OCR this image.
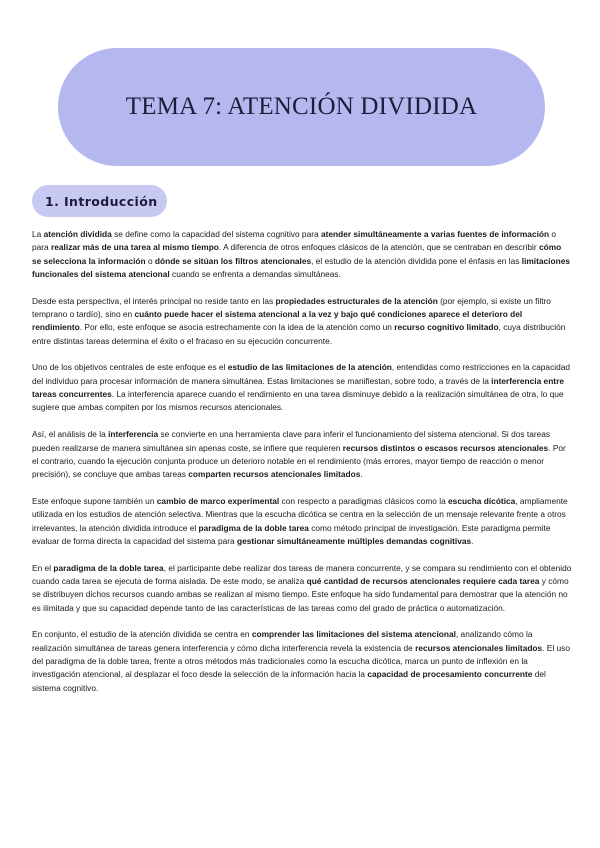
TEMA 7: ATENCIÓN DIVIDIDA
1. Introducción

La atención dividida se define como la capacidad del sistema cognitivo para atender simultáneamente a varias fuentes de información o para realizar más de una tarea al mismo tiempo. A diferencia de otros enfoques clásicos de la atención, que se centraban en describir cómo se selecciona la información o dónde se sitúan los filtros atencionales, el estudio de la atención dividida pone el énfasis en las limitaciones funcionales del sistema atencional cuando se enfrenta a demandas simultáneas.

Desde esta perspectiva, el interés principal no reside tanto en las propiedades estructurales de la atención (por ejemplo, si existe un filtro temprano o tardío), sino en cuánto puede hacer el sistema atencional a la vez y bajo qué condiciones aparece el deterioro del rendimiento. Por ello, este enfoque se asocia estrechamente con la idea de la atención como un recurso cognitivo limitado, cuya distribución entre distintas tareas determina el éxito o el fracaso en su ejecución concurrente.

Uno de los objetivos centrales de este enfoque es el estudio de las limitaciones de la atención, entendidas como restricciones en la capacidad del individuo para procesar información de manera simultánea. Estas limitaciones se manifiestan, sobre todo, a través de la interferencia entre tareas concurrentes. La interferencia aparece cuando el rendimiento en una tarea disminuye debido a la realización simultánea de otra, lo que sugiere que ambas compiten por los mismos recursos atencionales.

Así, el análisis de la interferencia se convierte en una herramienta clave para inferir el funcionamiento del sistema atencional. Si dos tareas pueden realizarse de manera simultánea sin apenas coste, se infiere que requieren recursos distintos o escasos recursos atencionales. Por el contrario, cuando la ejecución conjunta produce un deterioro notable en el rendimiento (más errores, mayor tiempo de reacción o menor precisión), se concluye que ambas tareas comparten recursos atencionales limitados.

Este enfoque supone también un cambio de marco experimental con respecto a paradigmas clásicos como la escucha dicótica, ampliamente utilizada en los estudios de atención selectiva. Mientras que la escucha dicótica se centra en la selección de un mensaje relevante frente a otros irrelevantes, la atención dividida introduce el paradigma de la doble tarea como método principal de investigación. Este paradigma permite evaluar de forma directa la capacidad del sistema para gestionar simultáneamente múltiples demandas cognitivas.

En el paradigma de la doble tarea, el participante debe realizar dos tareas de manera concurrente, y se compara su rendimiento con el obtenido cuando cada tarea se ejecuta de forma aislada. De este modo, se analiza qué cantidad de recursos atencionales requiere cada tarea y cómo se distribuyen dichos recursos cuando ambas se realizan al mismo tiempo. Este enfoque ha sido fundamental para demostrar que la atención no es ilimitada y que su capacidad depende tanto de las características de las tareas como del grado de práctica o automatización.

En conjunto, el estudio de la atención dividida se centra en comprender las limitaciones del sistema atencional, analizando cómo la realización simultánea de tareas genera interferencia y cómo dicha interferencia revela la existencia de recursos atencionales limitados. El uso del paradigma de la doble tarea, frente a otros métodos más tradicionales como la escucha dicótica, marca un punto de inflexión en la investigación atencional, al desplazar el foco desde la selección de la información hacia la capacidad de procesamiento concurrente del sistema cognitivo.
